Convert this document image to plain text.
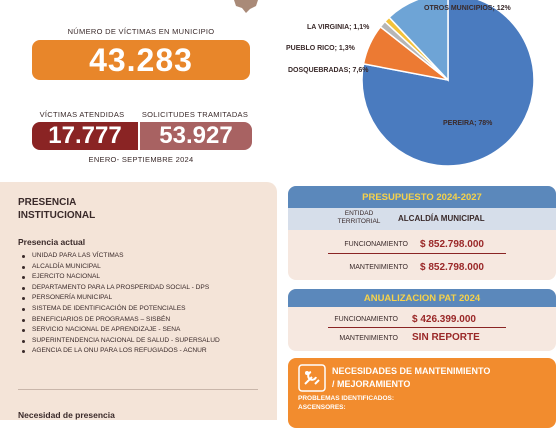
NÚMERO DE VÍCTIMAS EN MUNICIPIO
43.283
VÍCTIMAS ATENDIDAS	SOLICITUDES TRAMITADAS
17.777	53.927
ENERO- SEPTIEMBRE 2024
PEREIRA; 78%
DOSQUEBRADAS; 7,6%
PUEBLO RICO; 1,3%
LA VIRGINIA; 1,1%
OTROS MUNICIPIOS; 12%
PRESENCIA
INSTITUCIONAL
Presencia actual
UNIDAD PARA LAS VÍCTIMAS
ALCALDÍA MUNICIPAL
EJERCITO NACIONAL
DEPARTAMENTO PARA LA PROSPERIDAD SOCIAL - DPS
PERSONERÍA MUNICIPAL
SISTEMA DE IDENTIFICACIÓN DE POTENCIALES
BENEFICIARIOS DE PROGRAMAS – SISBÉN
SERVICIO NACIONAL DE APRENDIZAJE - SENA
SUPERINTENDENCIA NACIONAL DE SALUD - SUPERSALUD
AGENCIA DE LA ONU PARA LOS REFUGIADOS - ACNUR
Necesidad de presencia
PRESUPUESTO 2024-2027
ENTIDAD TERRITORIAL ALCALDÍA MUNICIPAL
FUNCIONAMIENTO $ 852.798.000
MANTENIMIENTO $ 852.798.000
ANUALIZACION PAT 2024
FUNCIONAMIENTO $ 426.399.000
MANTENIMIENTO SIN REPORTE
NECESIDADES DE MANTENIMIENTO
/ MEJORAMIENTO
PROBLEMAS IDENTIFICADOS:
ASCENSORES:
